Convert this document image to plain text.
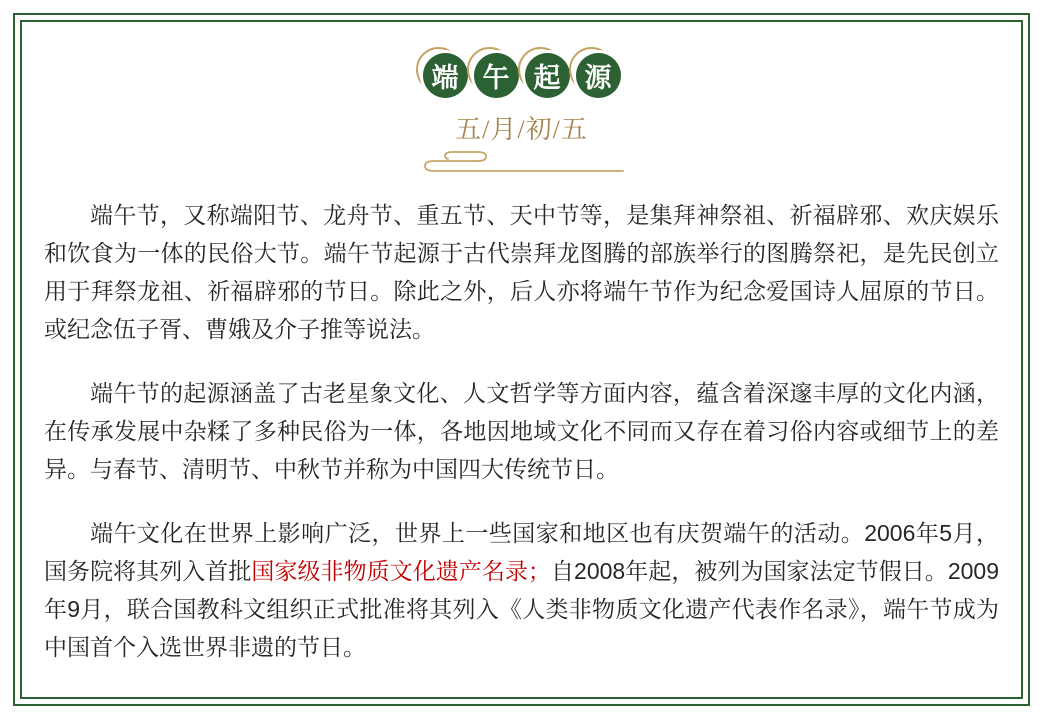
端 午 起 源
五/月/初/五

端午节，又称端阳节、龙舟节、重五节、天中节等，是集拜神祭祖、祈福辟邪、欢庆娱乐和饮食为一体的民俗大节。端午节起源于古代崇拜龙图腾的部族举行的图腾祭祀，是先民创立用于拜祭龙祖、祈福辟邪的节日。除此之外，后人亦将端午节作为纪念爱国诗人屈原的节日。或纪念伍子胥、曹娥及介子推等说法。

端午节的起源涵盖了古老星象文化、人文哲学等方面内容，蕴含着深邃丰厚的文化内涵，在传承发展中杂糅了多种民俗为一体，各地因地域文化不同而又存在着习俗内容或细节上的差异。与春节、清明节、中秋节并称为中国四大传统节日。

端午文化在世界上影响广泛，世界上一些国家和地区也有庆贺端午的活动。2006年5月，国务院将其列入首批国家级非物质文化遗产名录；自2008年起，被列为国家法定节假日。2009年9月，联合国教科文组织正式批准将其列入《人类非物质文化遗产代表作名录》，端午节成为中国首个入选世界非遗的节日。
